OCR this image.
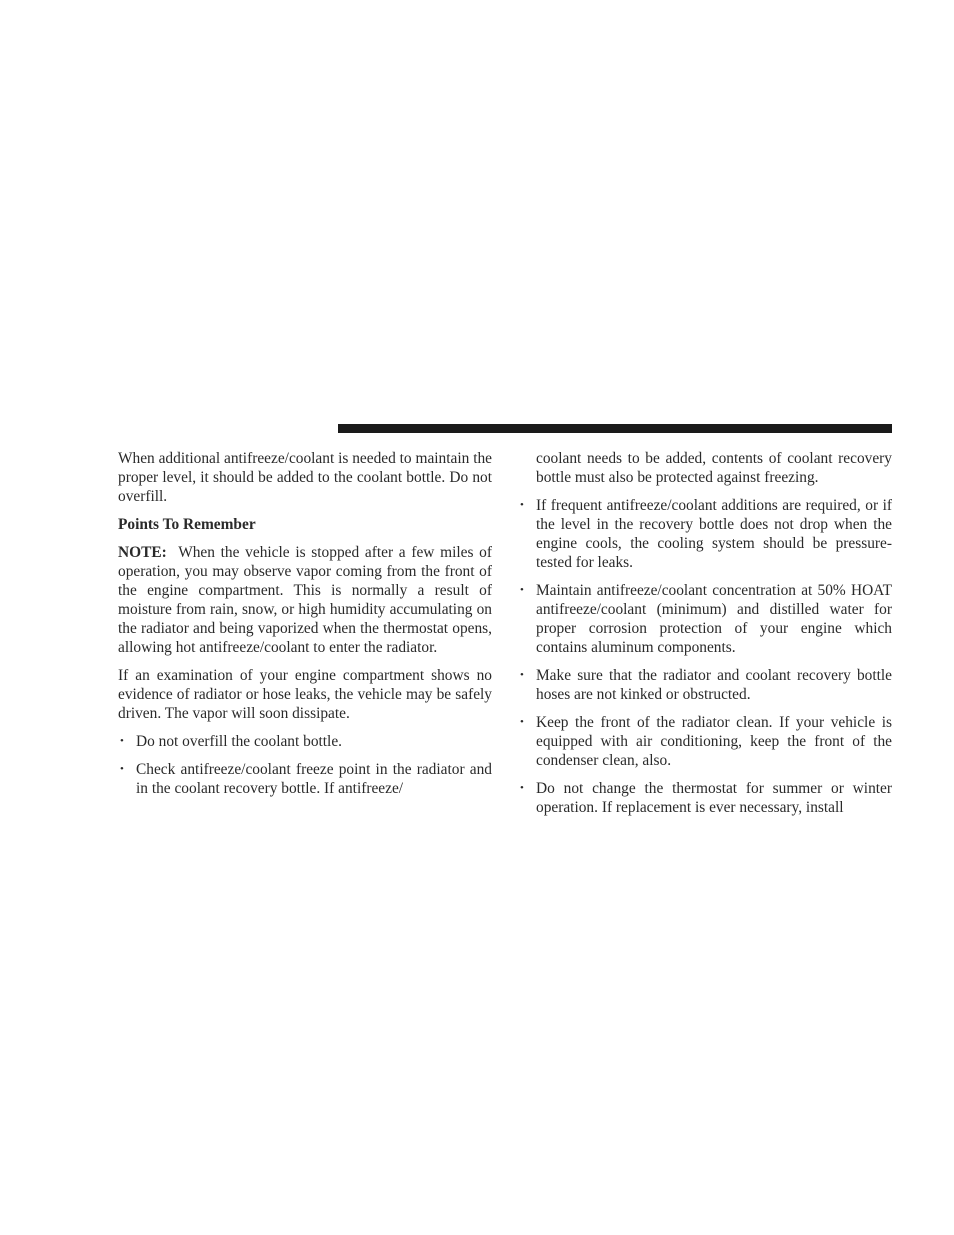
When additional antifreeze/coolant is needed to maintain the proper level, it should be added to the coolant bottle. Do not overfill.

Points To Remember

NOTE: When the vehicle is stopped after a few miles of operation, you may observe vapor coming from the front of the engine compartment. This is normally a result of moisture from rain, snow, or high humidity accumulating on the radiator and being vaporized when the thermostat opens, allowing hot antifreeze/coolant to enter the radiator.

If an examination of your engine compartment shows no evidence of radiator or hose leaks, the vehicle may be safely driven. The vapor will soon dissipate.

• Do not overfill the coolant bottle.
• Check antifreeze/coolant freeze point in the radiator and in the coolant recovery bottle. If antifreeze/
coolant needs to be added, contents of coolant recovery bottle must also be protected against freezing.
• If frequent antifreeze/coolant additions are required, or if the level in the recovery bottle does not drop when the engine cools, the cooling system should be pressure-tested for leaks.
• Maintain antifreeze/coolant concentration at 50% HOAT antifreeze/coolant (minimum) and distilled water for proper corrosion protection of your engine which contains aluminum components.
• Make sure that the radiator and coolant recovery bottle hoses are not kinked or obstructed.
• Keep the front of the radiator clean. If your vehicle is equipped with air conditioning, keep the front of the condenser clean, also.
• Do not change the thermostat for summer or winter operation. If replacement is ever necessary, install
